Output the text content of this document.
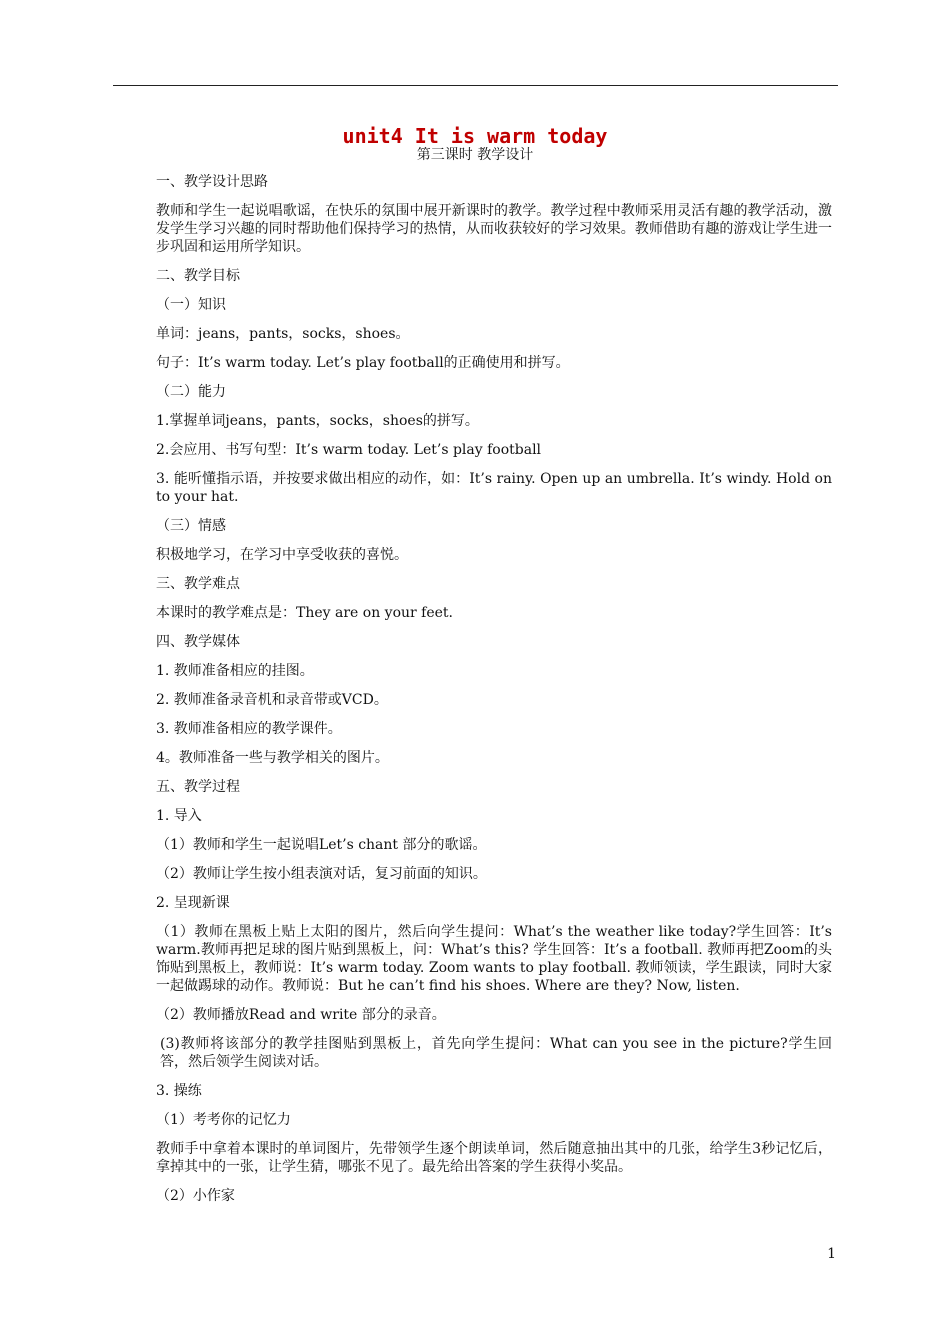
unit4 It is warm today
第三课时 教学设计

一、教学设计思路

教师和学生一起说唱歌谣，在快乐的氛围中展开新课时的教学。教学过程中教师采用灵活有趣的教学活动，激发学生学习兴趣的同时帮助他们保持学习的热情，从而收获较好的学习效果。教师借助有趣的游戏让学生进一步巩固和运用所学知识。

二、教学目标

（一）知识

单词：jeans，pants，socks，shoes。

句子：It’s warm today. Let’s play football的正确使用和拼写。

（二）能力

1.掌握单词jeans，pants，socks，shoes的拼写。

2.会应用、书写句型：It’s warm today. Let’s play football

3. 能听懂指示语，并按要求做出相应的动作，如：It’s rainy. Open up an umbrella. It’s windy. Hold on to your hat.

（三）情感

积极地学习，在学习中享受收获的喜悦。

三、教学难点

本课时的教学难点是：They are on your feet.

四、教学媒体

1. 教师准备相应的挂图。

2. 教师准备录音机和录音带或VCD。

3. 教师准备相应的教学课件。

4。教师准备一些与教学相关的图片。

五、教学过程

1. 导入

（1）教师和学生一起说唱Let’s chant 部分的歌谣。

（2）教师让学生按小组表演对话，复习前面的知识。

2. 呈现新课

（1）教师在黑板上贴上太阳的图片，然后向学生提问：What’s the weather like today?学生回答：It’s warm.教师再把足球的图片贴到黑板上，问：What’s this? 学生回答：It’s a football. 教师再把Zoom的头饰贴到黑板上，教师说：It’s warm today. Zoom wants to play football. 教师领读，学生跟读，同时大家一起做踢球的动作。教师说：But he can’t find his shoes. Where are they? Now, listen.

（2）教师播放Read and write 部分的录音。

(3)教师将该部分的教学挂图贴到黑板上，首先向学生提问：What can you see in the picture?学生回答，然后领学生阅读对话。

3. 操练

（1）考考你的记忆力

教师手中拿着本课时的单词图片，先带领学生逐个朗读单词，然后随意抽出其中的几张，给学生3秒记忆后，拿掉其中的一张，让学生猜，哪张不见了。最先给出答案的学生获得小奖品。

（2）小作家

1
